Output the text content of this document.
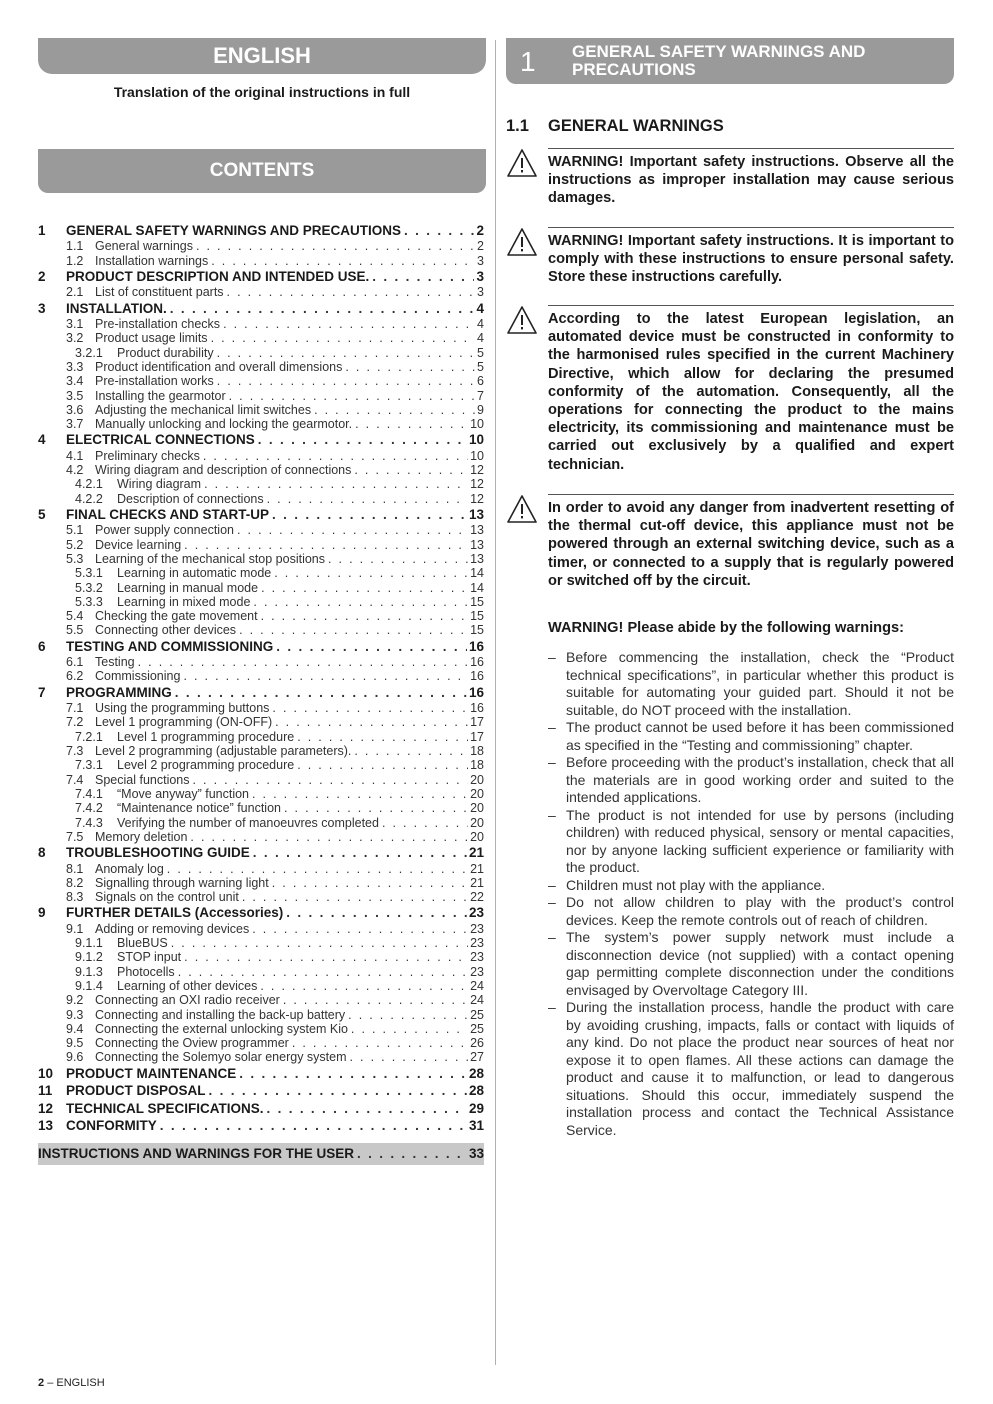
ENGLISH
Translation of the original instructions in full
CONTENTS
1	GENERAL SAFETY WARNINGS AND PRECAUTIONS . . .	2
1.1 General warnings . . .	2
1.2 Installation warnings . . .	3
2	PRODUCT DESCRIPTION AND INTENDED USE. . . .	3
2.1 List of constituent parts . . .	3
3	INSTALLATION. . . .	4
3.1 Pre-installation checks . . .	4
3.2 Product usage limits . . .	4
3.2.1	Product durability . . .	5
3.3 Product identification and overall dimensions . . .	5
3.4 Pre-installation works . . .	6
3.5 Installing the gearmotor . . .	7
3.6 Adjusting the mechanical limit switches . . .	9
3.7 Manually unlocking and locking the gearmotor. . . .	10
4	ELECTRICAL CONNECTIONS . . .	10
4.1 Preliminary checks . . .	10
4.2 Wiring diagram and description of connections . . .	12
4.2.1	Wiring diagram . . .	12
4.2.2	Description of connections . . .	12
5	FINAL CHECKS AND START-UP . . .	13
5.1 Power supply connection . . .	13
5.2 Device learning . . .	13
5.3 Learning of the mechanical stop positions . . .	13
5.3.1	Learning in automatic mode . . .	14
5.3.2	Learning in manual mode . . .	14
5.3.3	Learning in mixed mode . . .	15
5.4 Checking the gate movement . . .	15
5.5 Connecting other devices . . .	15
6	TESTING AND COMMISSIONING . . .	16
6.1 Testing . . .	16
6.2 Commissioning . . .	16
7	PROGRAMMING . . .	16
7.1 Using the programming buttons . . .	16
7.2 Level 1 programming (ON-OFF) . . .	17
7.2.1	Level 1 programming procedure . . .	17
7.3 Level 2 programming (adjustable parameters). . . .	18
7.3.1	Level 2 programming procedure . . .	18
7.4 Special functions . . .	20
7.4.1	“Move anyway” function . . .	20
7.4.2	“Maintenance notice” function . . .	20
7.4.3	Verifying the number of manoeuvres completed . . .	20
7.5 Memory deletion . . .	20
8	TROUBLESHOOTING GUIDE . . .	21
8.1 Anomaly log . . .	21
8.2 Signalling through warning light . . .	21
8.3 Signals on the control unit . . .	22
9	FURTHER DETAILS (Accessories) . . .	23
9.1 Adding or removing devices . . .	23
9.1.1	BlueBUS . . .	23
9.1.2	STOP input . . .	23
9.1.3	Photocells . . .	23
9.1.4	Learning of other devices . . .	24
9.2 Connecting an OXI radio receiver . . .	24
9.3 Connecting and installing the back-up battery . . .	25
9.4 Connecting the external unlocking system Kio . . .	25
9.5 Connecting the Oview programmer . . .	26
9.6 Connecting the Solemyo solar energy system . . .	27
10 PRODUCT MAINTENANCE . . .	28
11	PRODUCT DISPOSAL . . .	28
12 TECHNICAL SPECIFICATIONS. . . .	29
13 CONFORMITY . . .	31
INSTRUCTIONS AND WARNINGS FOR THE USER . . .	33
1 GENERAL SAFETY WARNINGS AND PRECAUTIONS
1.1 GENERAL WARNINGS
WARNING! Important safety instructions. Observe all the instructions as improper installation may cause serious damages.
WARNING! Important safety instructions. It is important to comply with these instructions to ensure personal safety. Store these instructions carefully.
According to the latest European legislation, an automated device must be constructed in conformity to the harmonised rules specified in the current Machinery Directive, which allow for declaring the presumed conformity of the automation. Consequently, all the operations for connecting the product to the mains electricity, its commissioning and maintenance must be carried out exclusively by a qualified and expert technician.
In order to avoid any danger from inadvertent resetting of the thermal cut-off device, this appliance must not be powered through an external switching device, such as a timer, or connected to a supply that is regularly powered or switched off by the circuit.
WARNING! Please abide by the following warnings:
– Before commencing the installation, check the “Product technical specifications”, in particular whether this product is suitable for automating your guided part. Should it not be suitable, do NOT proceed with the installation.
– The product cannot be used before it has been commissioned as specified in the “Testing and commissioning” chapter.
– Before proceeding with the product’s installation, check that all the materials are in good working order and suited to the intended applications.
– The product is not intended for use by persons (including children) with reduced physical, sensory or mental capacities, nor by anyone lacking sufficient experience or familiarity with the product.
– Children must not play with the appliance.
– Do not allow children to play with the product’s control devices. Keep the remote controls out of reach of children.
– The system’s power supply network must include a disconnection device (not supplied) with a contact opening gap permitting complete disconnection under the conditions envisaged by Overvoltage Category III.
– During the installation process, handle the product with care by avoiding crushing, impacts, falls or contact with liquids of any kind. Do not place the product near sources of heat nor expose it to open flames. All these actions can damage the product and cause it to malfunction, or lead to dangerous situations. Should this occur, immediately suspend the installation process and contact the Technical Assistance Service.
2 – ENGLISH
